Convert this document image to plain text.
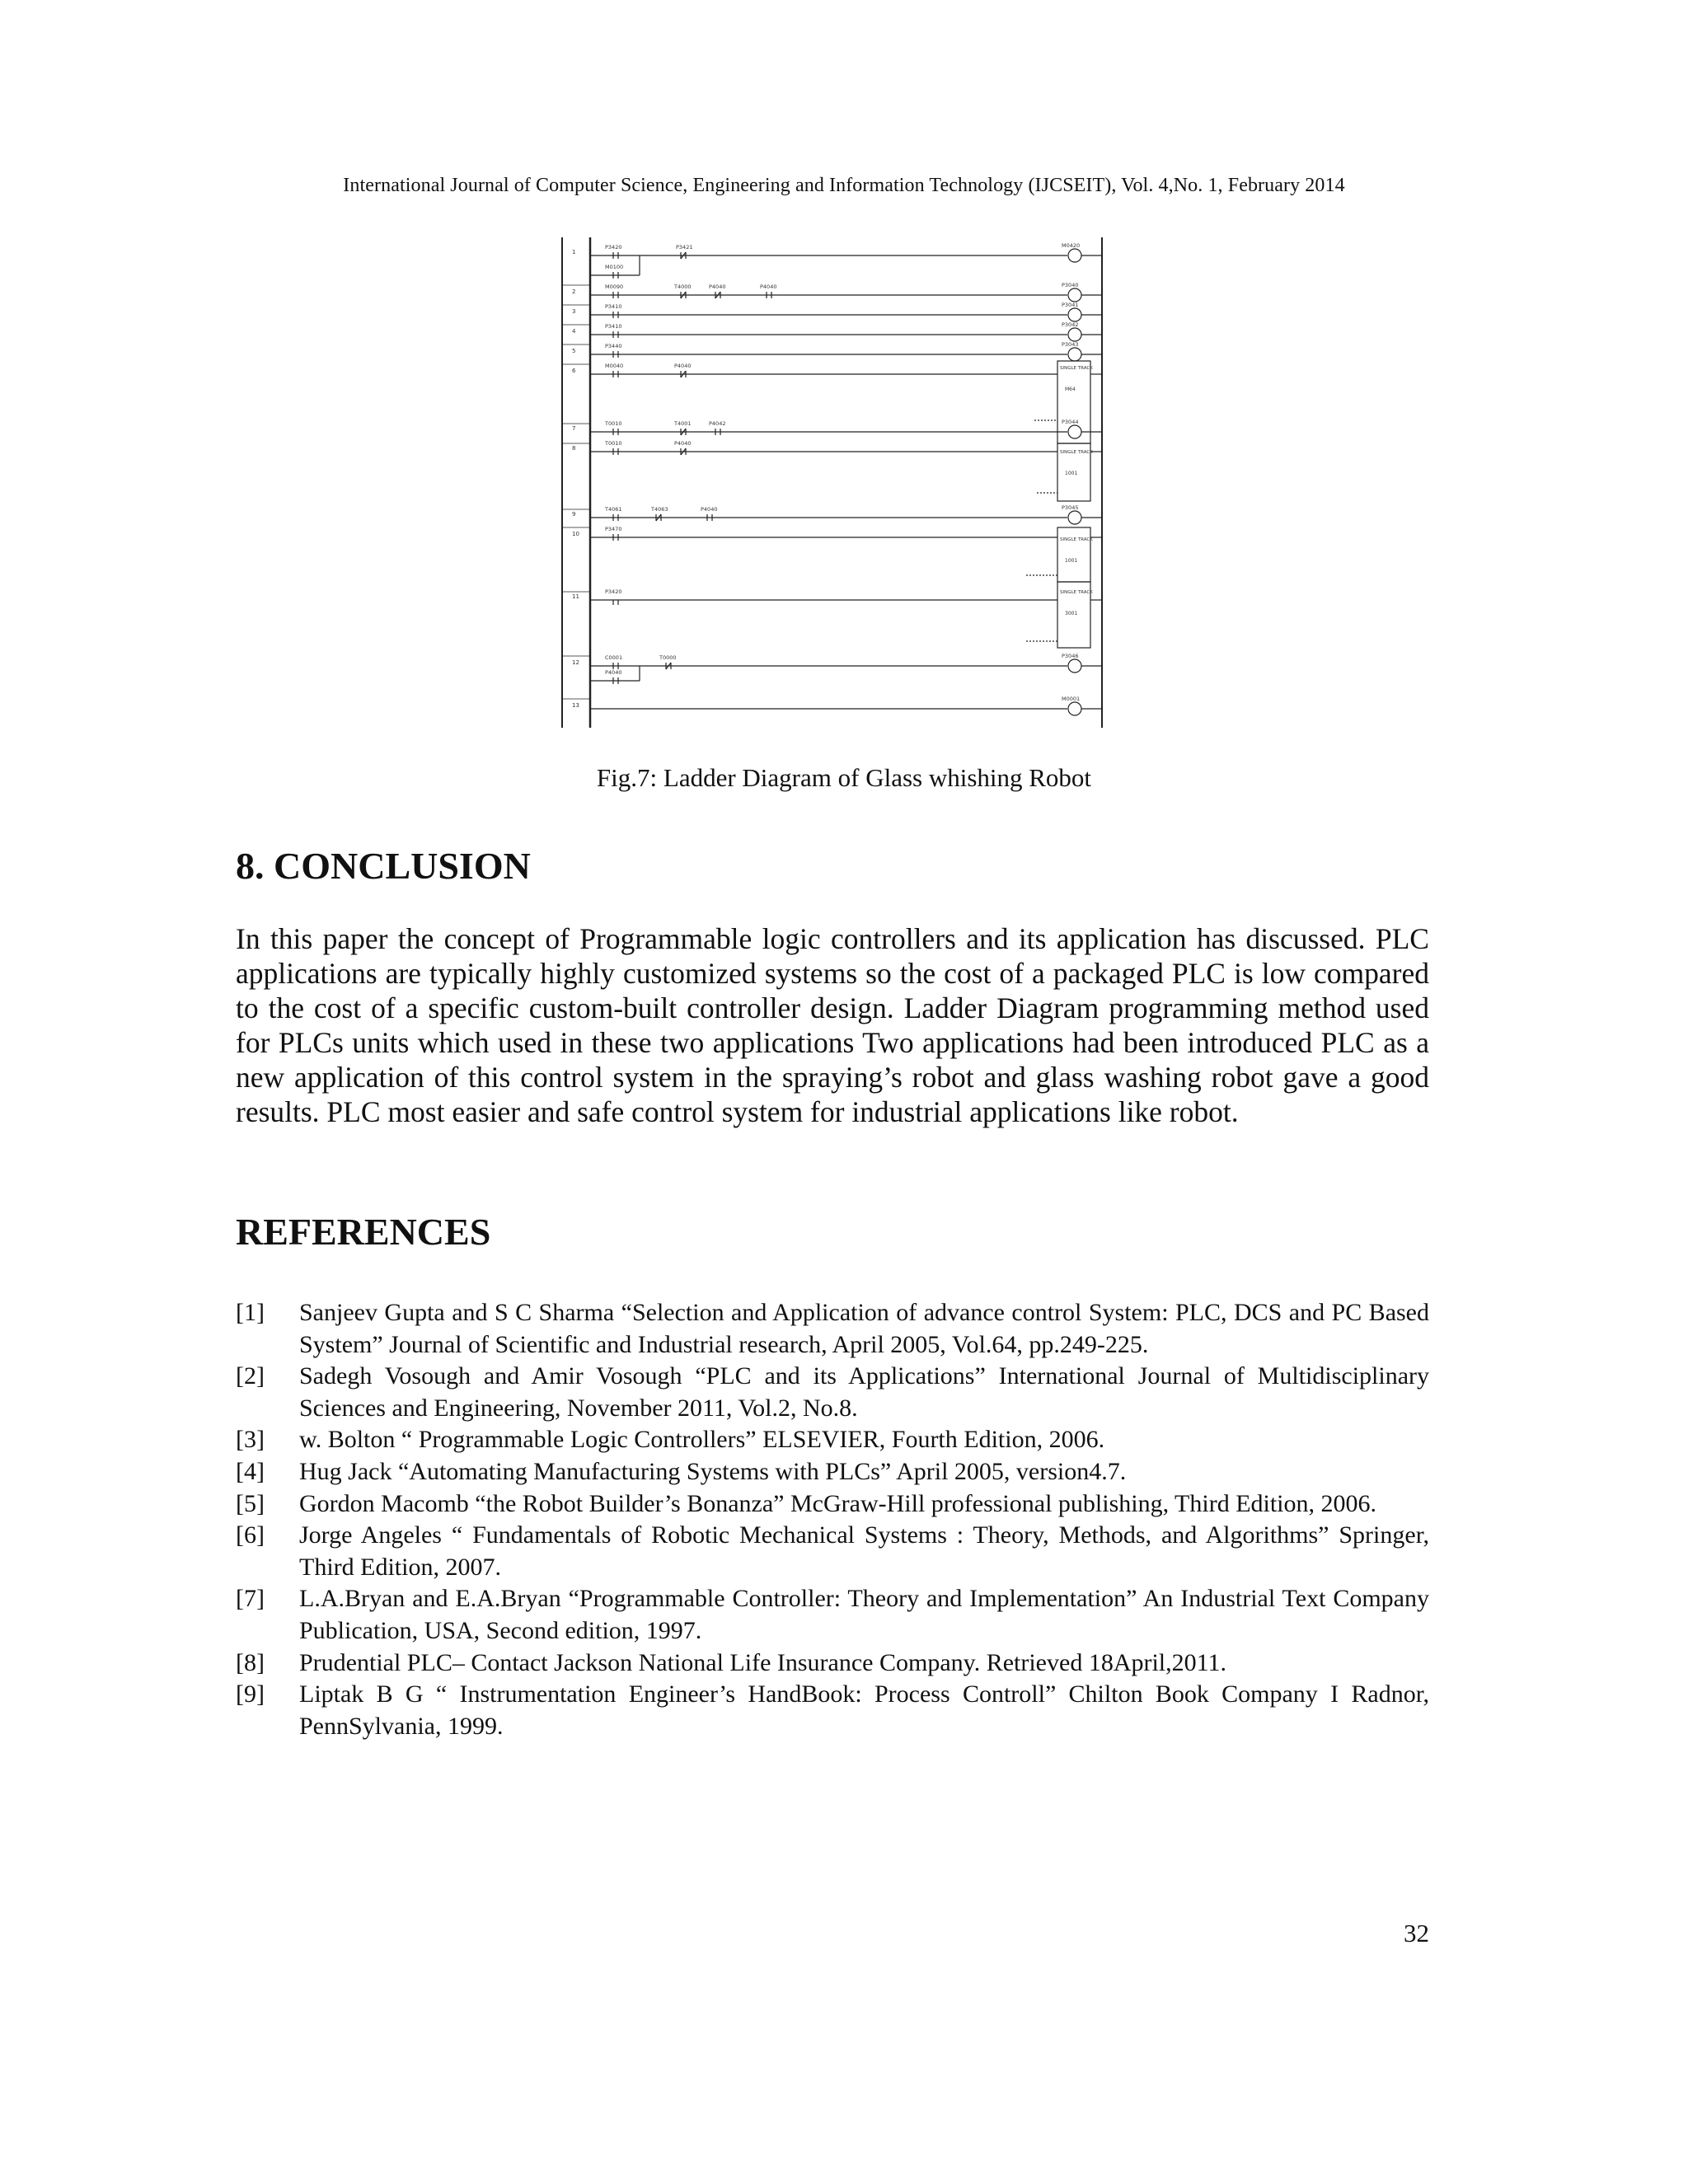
International Journal of Computer Science, Engineering and Information Technology (IJCSEIT), Vol. 4,No. 1, February 2014
1
2
3
4
5
6
7
8
9
10
11
12
13
P3420	P3421
M0100
M0090	T4000	P4040	P4040
P3410
P3410
P3440
M0040	P4040
T0010	T4001	P4042
T0010	P4040
T4061	T4063	P4040
P3470
P3420
C0001	T0000
P4040
M0420
P3040
P3041
P3042
P3043
P3044
P3045
P3046
M0001
SINGLE TRACK
M64
SINGLE TRACK
1001
SINGLE TRACK
1001
SINGLE TRACK
3001
Fig.7: Ladder Diagram of Glass whishing Robot
8. CONCLUSION
In this paper the concept of Programmable logic controllers and its application has discussed. PLC applications are typically highly customized systems so the cost of a packaged PLC is low compared to the cost of a specific custom-built controller design. Ladder Diagram programming method used for PLCs units which used in these two applications Two applications had been introduced PLC as a new application of this control system in the spraying’s robot and glass washing robot gave a good results. PLC most easier and safe control system for industrial applications like robot.
REFERENCES
[1]	Sanjeev Gupta and S C Sharma “Selection and Application of advance control System: PLC, DCS and PC Based System” Journal of Scientific and Industrial research, April 2005, Vol.64, pp.249-225.
[2]	Sadegh Vosough and Amir Vosough “PLC and its Applications” International Journal of Multidisciplinary Sciences and Engineering, November 2011, Vol.2, No.8.
[3]	w. Bolton “ Programmable Logic Controllers” ELSEVIER, Fourth Edition, 2006.
[4]	Hug Jack “Automating Manufacturing Systems with PLCs” April 2005, version4.7.
[5]	Gordon Macomb “the Robot Builder’s Bonanza” McGraw-Hill professional publishing, Third Edition, 2006.
[6]	Jorge Angeles “ Fundamentals of Robotic Mechanical Systems : Theory, Methods, and Algorithms” Springer, Third Edition, 2007.
[7]	L.A.Bryan and E.A.Bryan “Programmable Controller: Theory and Implementation” An Industrial Text Company Publication, USA, Second edition, 1997.
[8]	Prudential PLC– Contact Jackson National Life Insurance Company. Retrieved 18April,2011.
[9]	Liptak B G “ Instrumentation Engineer’s HandBook: Process Controll” Chilton Book Company I Radnor, PennSylvania, 1999.
32
